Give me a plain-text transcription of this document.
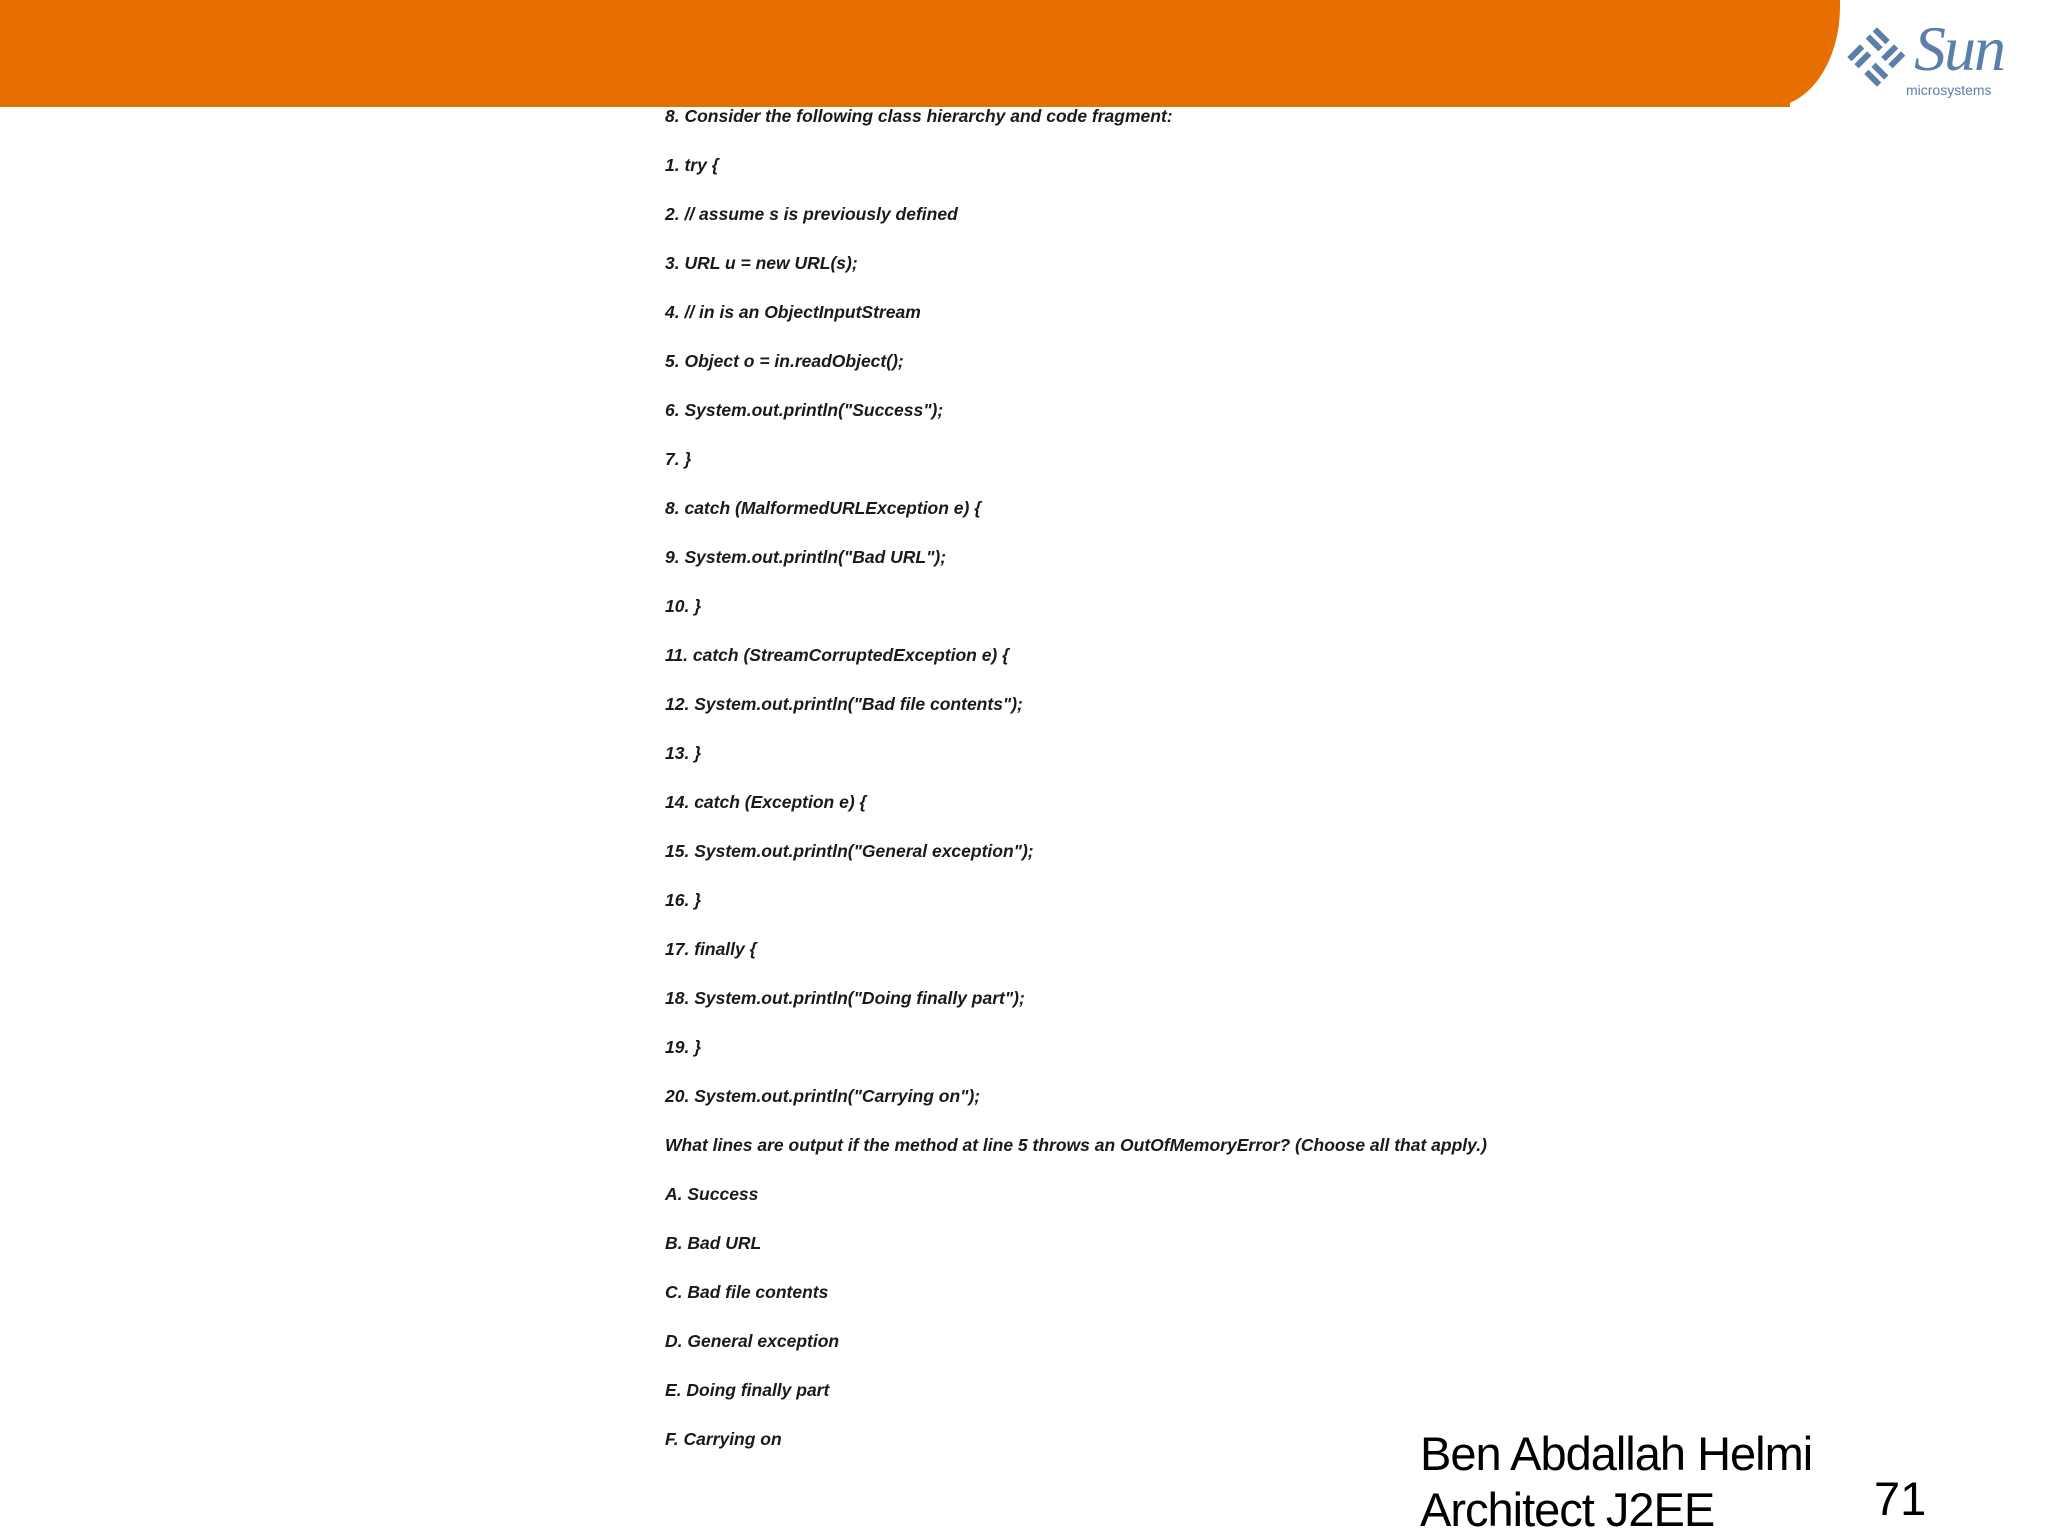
Sun
microsystems
8. Consider the following class hierarchy and code fragment:
1. try {
2. // assume s is previously defined
3. URL u = new URL(s);
4. // in is an ObjectInputStream
5. Object o = in.readObject();
6. System.out.println("Success");
7. }
8. catch (MalformedURLException e) {
9. System.out.println("Bad URL");
10. }
11. catch (StreamCorruptedException e) {
12. System.out.println("Bad file contents");
13. }
14. catch (Exception e) {
15. System.out.println("General exception");
16. }
17. finally {
18. System.out.println("Doing finally part");
19. }
20. System.out.println("Carrying on");
What lines are output if the method at line 5 throws an OutOfMemoryError? (Choose all that apply.)
A. Success
B. Bad URL
C. Bad file contents
D. General exception
E. Doing finally part
F. Carrying on	Ben Abdallah Helmi Architect J2EE	71
